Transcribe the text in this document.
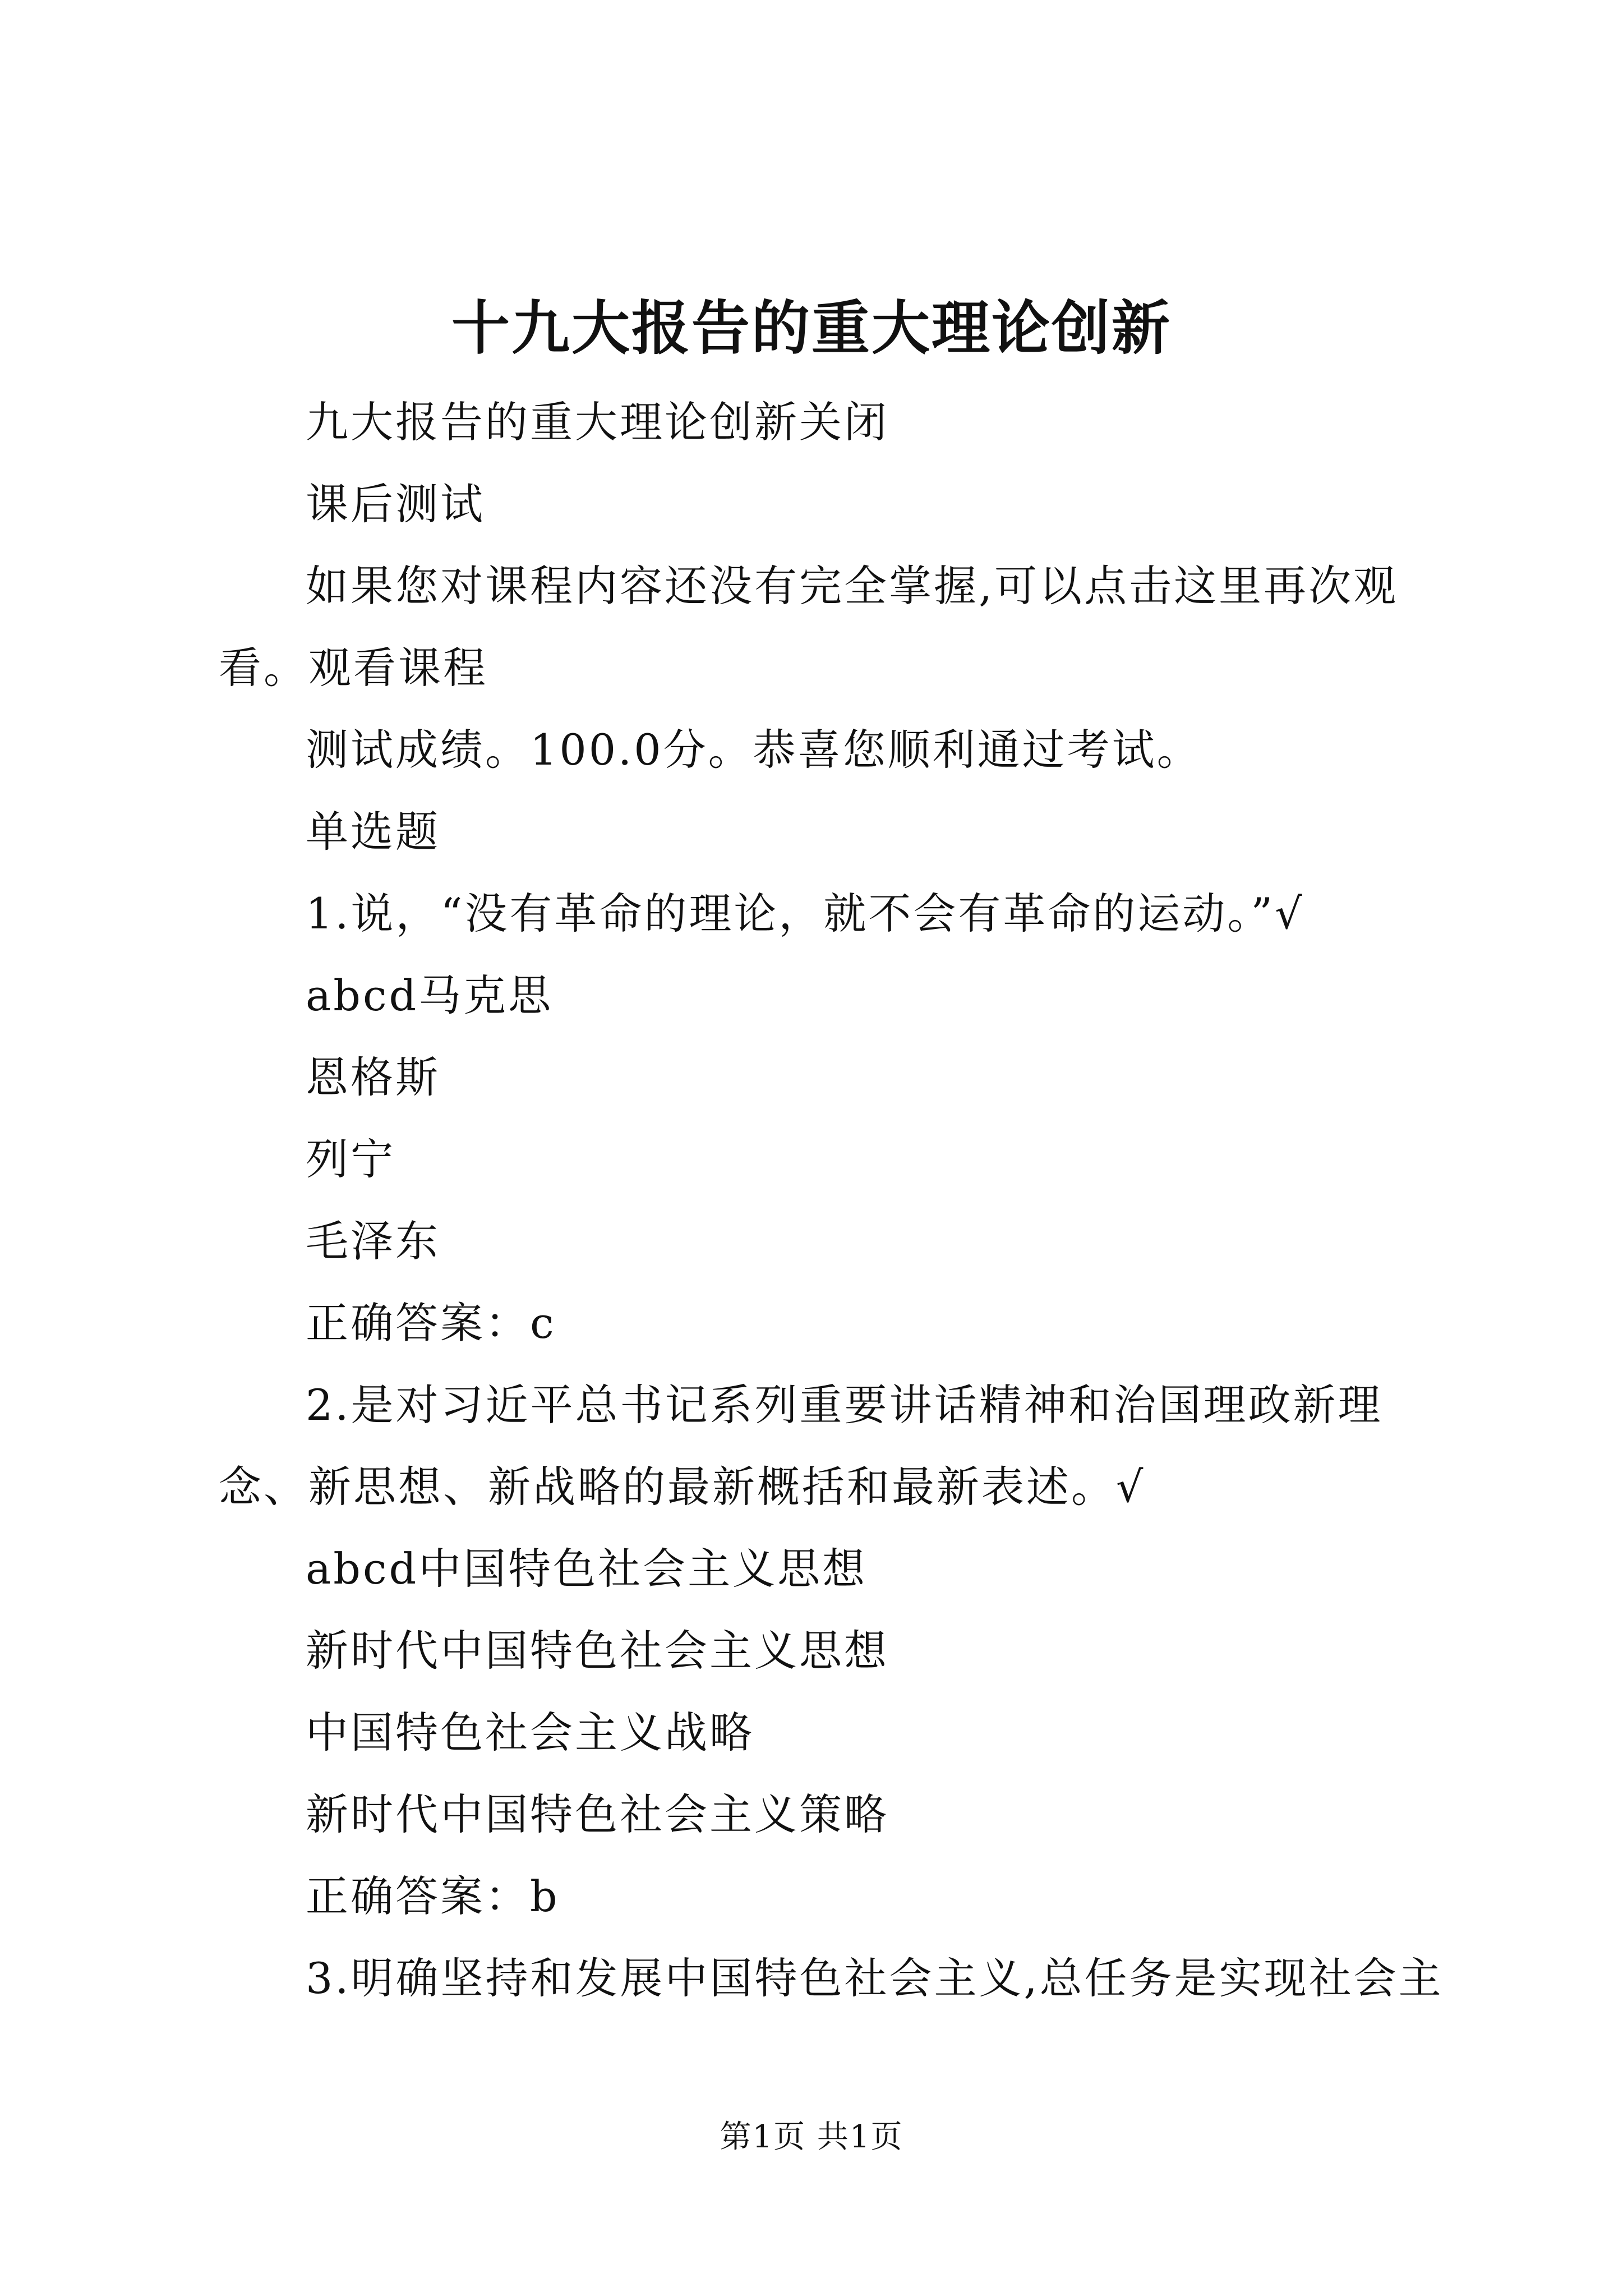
十九大报告的重大理论创新

九大报告的重大理论创新关闭

课后测试

如果您对课程内容还没有完全掌握,可以点击这里再次观看。观看课程

测试成绩。100.0分。恭喜您顺利通过考试。

单选题

1.说，“没有革命的理论，就不会有革命的运动。”√

abcd马克思

恩格斯

列宁

毛泽东

正确答案：c

2.是对习近平总书记系列重要讲话精神和治国理政新理念、新思想、新战略的最新概括和最新表述。√

abcd中国特色社会主义思想

新时代中国特色社会主义思想

中国特色社会主义战略

新时代中国特色社会主义策略

正确答案：b

3.明确坚持和发展中国特色社会主义,总任务是实现社会主

第1页 共1页
